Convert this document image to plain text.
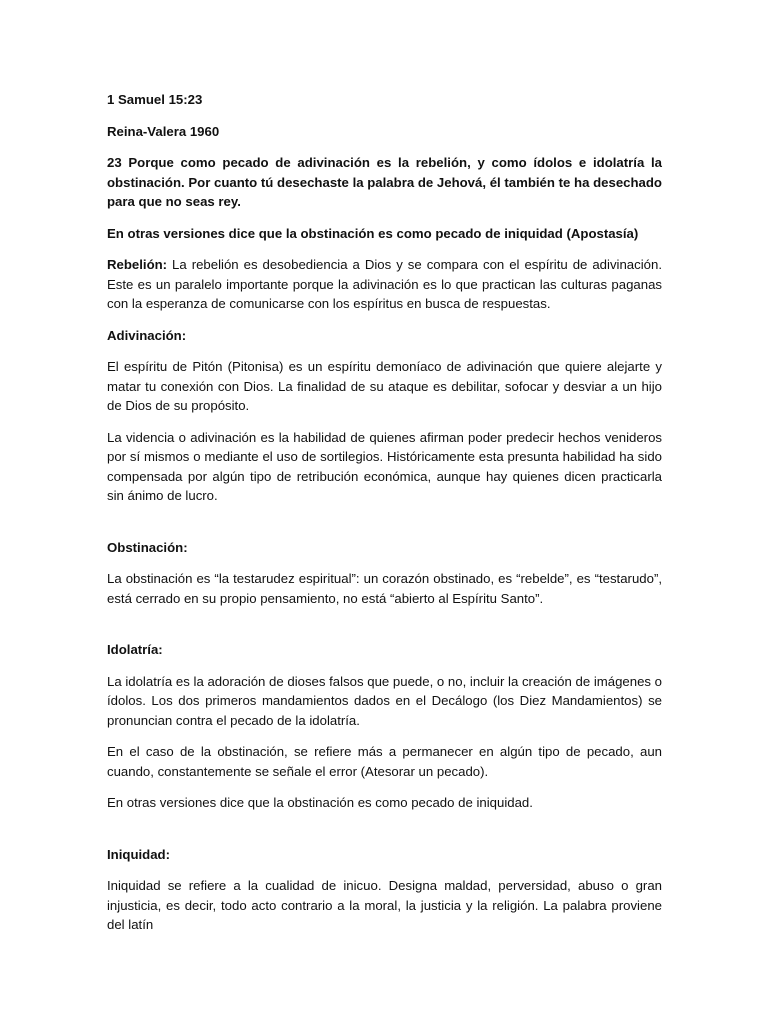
1 Samuel 15:23

Reina-Valera 1960

23 Porque como pecado de adivinación es la rebelión, y como ídolos e idolatría la obstinación. Por cuanto tú desechaste la palabra de Jehová, él también te ha desechado para que no seas rey.

En otras versiones dice que la obstinación es como pecado de iniquidad (Apostasía)

Rebelión: La rebelión es desobediencia a Dios y se compara con el espíritu de adivinación. Este es un paralelo importante porque la adivinación es lo que practican las culturas paganas con la esperanza de comunicarse con los espíritus en busca de respuestas.

Adivinación:

El espíritu de Pitón (Pitonisa) es un espíritu demoníaco de adivinación que quiere alejarte y matar tu conexión con Dios. La finalidad de su ataque es debilitar, sofocar y desviar a un hijo de Dios de su propósito.

La videncia o adivinación es la habilidad de quienes afirman poder predecir hechos venideros por sí mismos o mediante el uso de sortilegios. Históricamente esta presunta habilidad ha sido compensada por algún tipo de retribución económica, aunque hay quienes dicen practicarla sin ánimo de lucro.

Obstinación:

La obstinación es “la testarudez espiritual”: un corazón obstinado, es “rebelde”, es “testarudo”, está cerrado en su propio pensamiento, no está “abierto al Espíritu Santo”.

Idolatría:

La idolatría es la adoración de dioses falsos que puede, o no, incluir la creación de imágenes o ídolos. Los dos primeros mandamientos dados en el Decálogo (los Diez Mandamientos) se pronuncian contra el pecado de la idolatría.

En el caso de la obstinación, se refiere más a permanecer en algún tipo de pecado, aun cuando, constantemente se señale el error (Atesorar un pecado).

En otras versiones dice que la obstinación es como pecado de iniquidad.

Iniquidad:

Iniquidad se refiere a la cualidad de inicuo. Designa maldad, perversidad, abuso o gran injusticia, es decir, todo acto contrario a la moral, la justicia y la religión. La palabra proviene del latín
